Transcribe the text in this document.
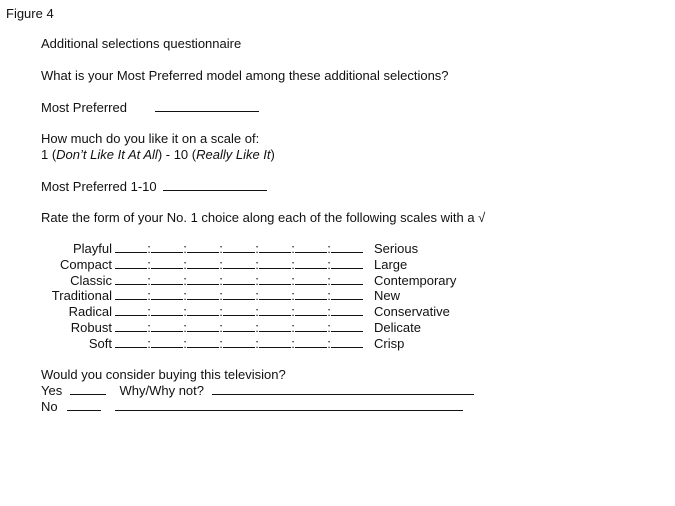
Figure 4
Additional selections questionnaire
What is your Most Preferred model among these additional selections?
Most Preferred
How much do you like it on a scale of:
1 (Don’t Like It At All) - 10 (Really Like It)
Most Preferred 1-10
Rate the form of your No. 1 choice along each of the following scales with a √
Playful	: : : : : :	Serious
Compact	: : : : : :	Large
Classic	: : : : : :	Contemporary
Traditional	: : : : : :	New
Radical	: : : : : :	Conservative
Robust	: : : : : :	Delicate
Soft	: : : : : :	Crisp
Would you consider buying this television?
Yes	Why/Why not?
No
